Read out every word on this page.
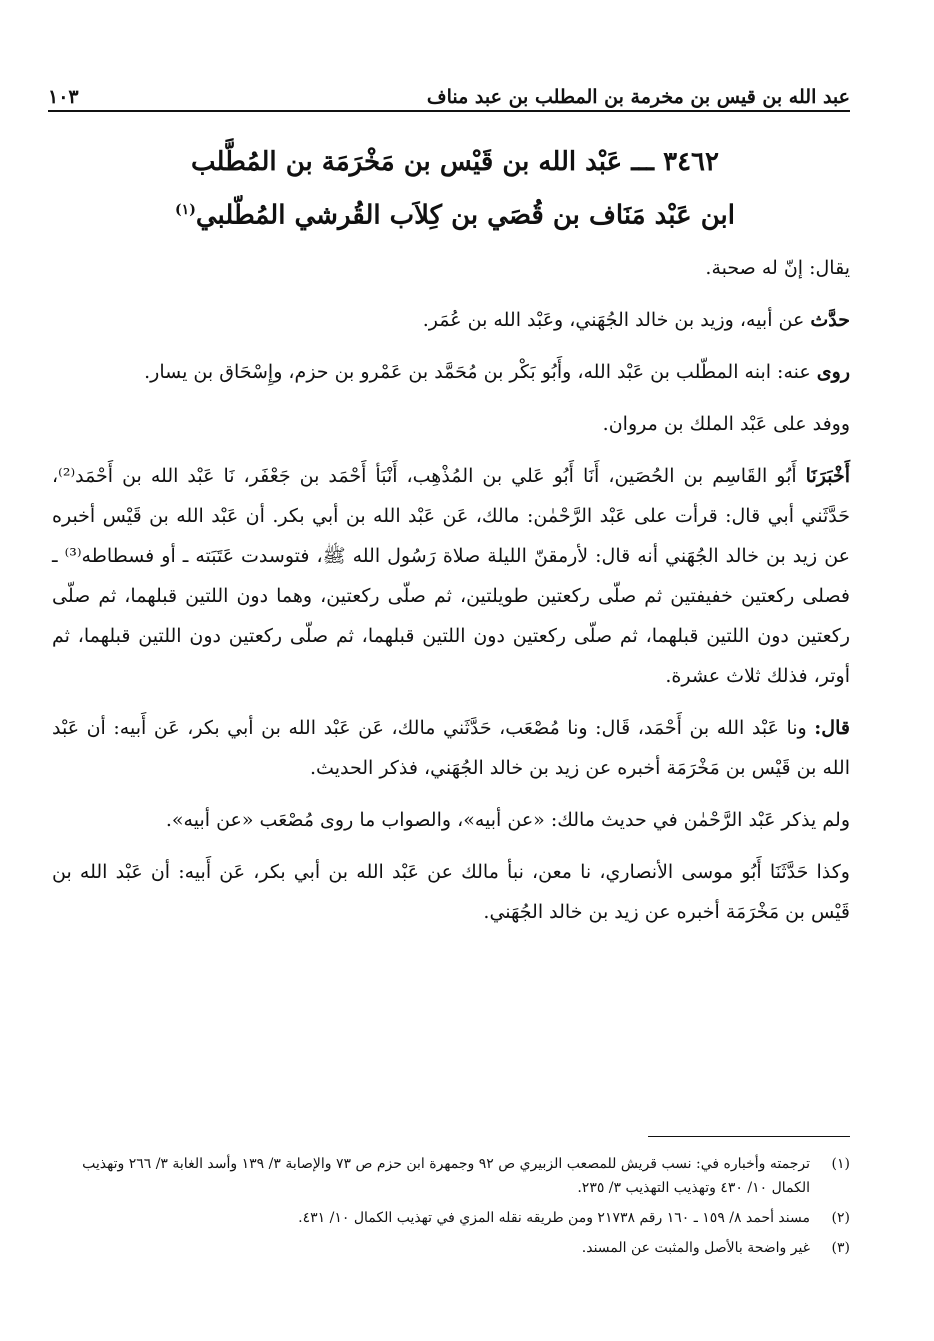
عبد الله بن قيس بن مخرمة بن المطلب بن عبد مناف
١٠٣
٣٤٦٢ ـــ عَبْد الله بن قَيْس بن مَخْرَمَة بن المُطَّلب
ابن عَبْد مَنَاف بن قُصَي بن كِلاَب القُرشي المُطّلبي$^{(١)}$

يقال: إنّ له صحبة.

حدَّث عن أبيه، وزيد بن خالد الجُهَني، وعَبْد الله بن عُمَر.

روى عنه: ابنه المطّلب بن عَبْد الله، وأَبُو بَكْر بن مُحَمَّد بن عَمْرو بن حزم، وإِسْحَاق بن يسار.

ووفد على عَبْد الملك بن مروان.

أَخْبَرَنَا أَبُو القَاسِم بن الحُصَين، أَنَا أَبُو عَلي بن المُذْهِب، أَنْبَأ أَحْمَد بن جَعْفَر، نَا عَبْد الله بن أَحْمَد⁽²⁾، حَدَّثَني أبي قال: قرأت على عَبْد الرَّحْمٰن: مالك، عَن عَبْد الله بن أبي بكر. أن عَبْد الله بن قَيْس أخبره عن زيد بن خالد الجُهَني أنه قال: لأرمقنّ الليلة صلاة رَسُول الله ﷺ، فتوسدت عَتَبَته ـ أو فسطاطه⁽³⁾ ـ فصلى ركعتين خفيفتين ثم صلّى ركعتين طويلتين، ثم صلّى ركعتين، وهما دون اللتين قبلهما، ثم صلّى ركعتين دون اللتين قبلهما، ثم صلّى ركعتين دون اللتين قبلهما، ثم صلّى ركعتين دون اللتين قبلهما، ثم أوتر، فذلك ثلاث عشرة.

قال: ونا عَبْد الله بن أَحْمَد، قَال: ونا مُصْعَب، حَدَّثَني مالك، عَن عَبْد الله بن أبي بكر، عَن أَبيه: أن عَبْد الله بن قَيْس بن مَخْرَمَة أخبره عن زيد بن خالد الجُهَني، فذكر الحديث.

ولم يذكر عَبْد الرَّحْمٰن في حديث مالك: «عن أبيه»، والصواب ما روى مُصْعَب «عن أبيه».

وكذا حَدَّثَنَا أَبُو موسى الأنصاري، نا معن، نبأ مالك عن عَبْد الله بن أبي بكر، عَن أَبيه: أن عَبْد الله بن قَيْس بن مَخْرَمَة أخبره عن زيد بن خالد الجُهَني.

(١)
ترجمته وأخباره في: نسب قريش للمصعب الزبيري ص ٩٢ وجمهرة ابن حزم ص ٧٣ والإصابة ٣/ ١٣٩ وأسد الغابة ٣/ ٢٦٦ وتهذيب الكمال ١٠/ ٤٣٠ وتهذيب التهذيب ٣/ ٢٣٥.
(٢)
مسند أحمد ٨/ ١٥٩ ـ ١٦٠ رقم ٢١٧٣٨ ومن طريقه نقله المزي في تهذيب الكمال ١٠/ ٤٣١.
(٣)
غير واضحة بالأصل والمثبت عن المسند.
